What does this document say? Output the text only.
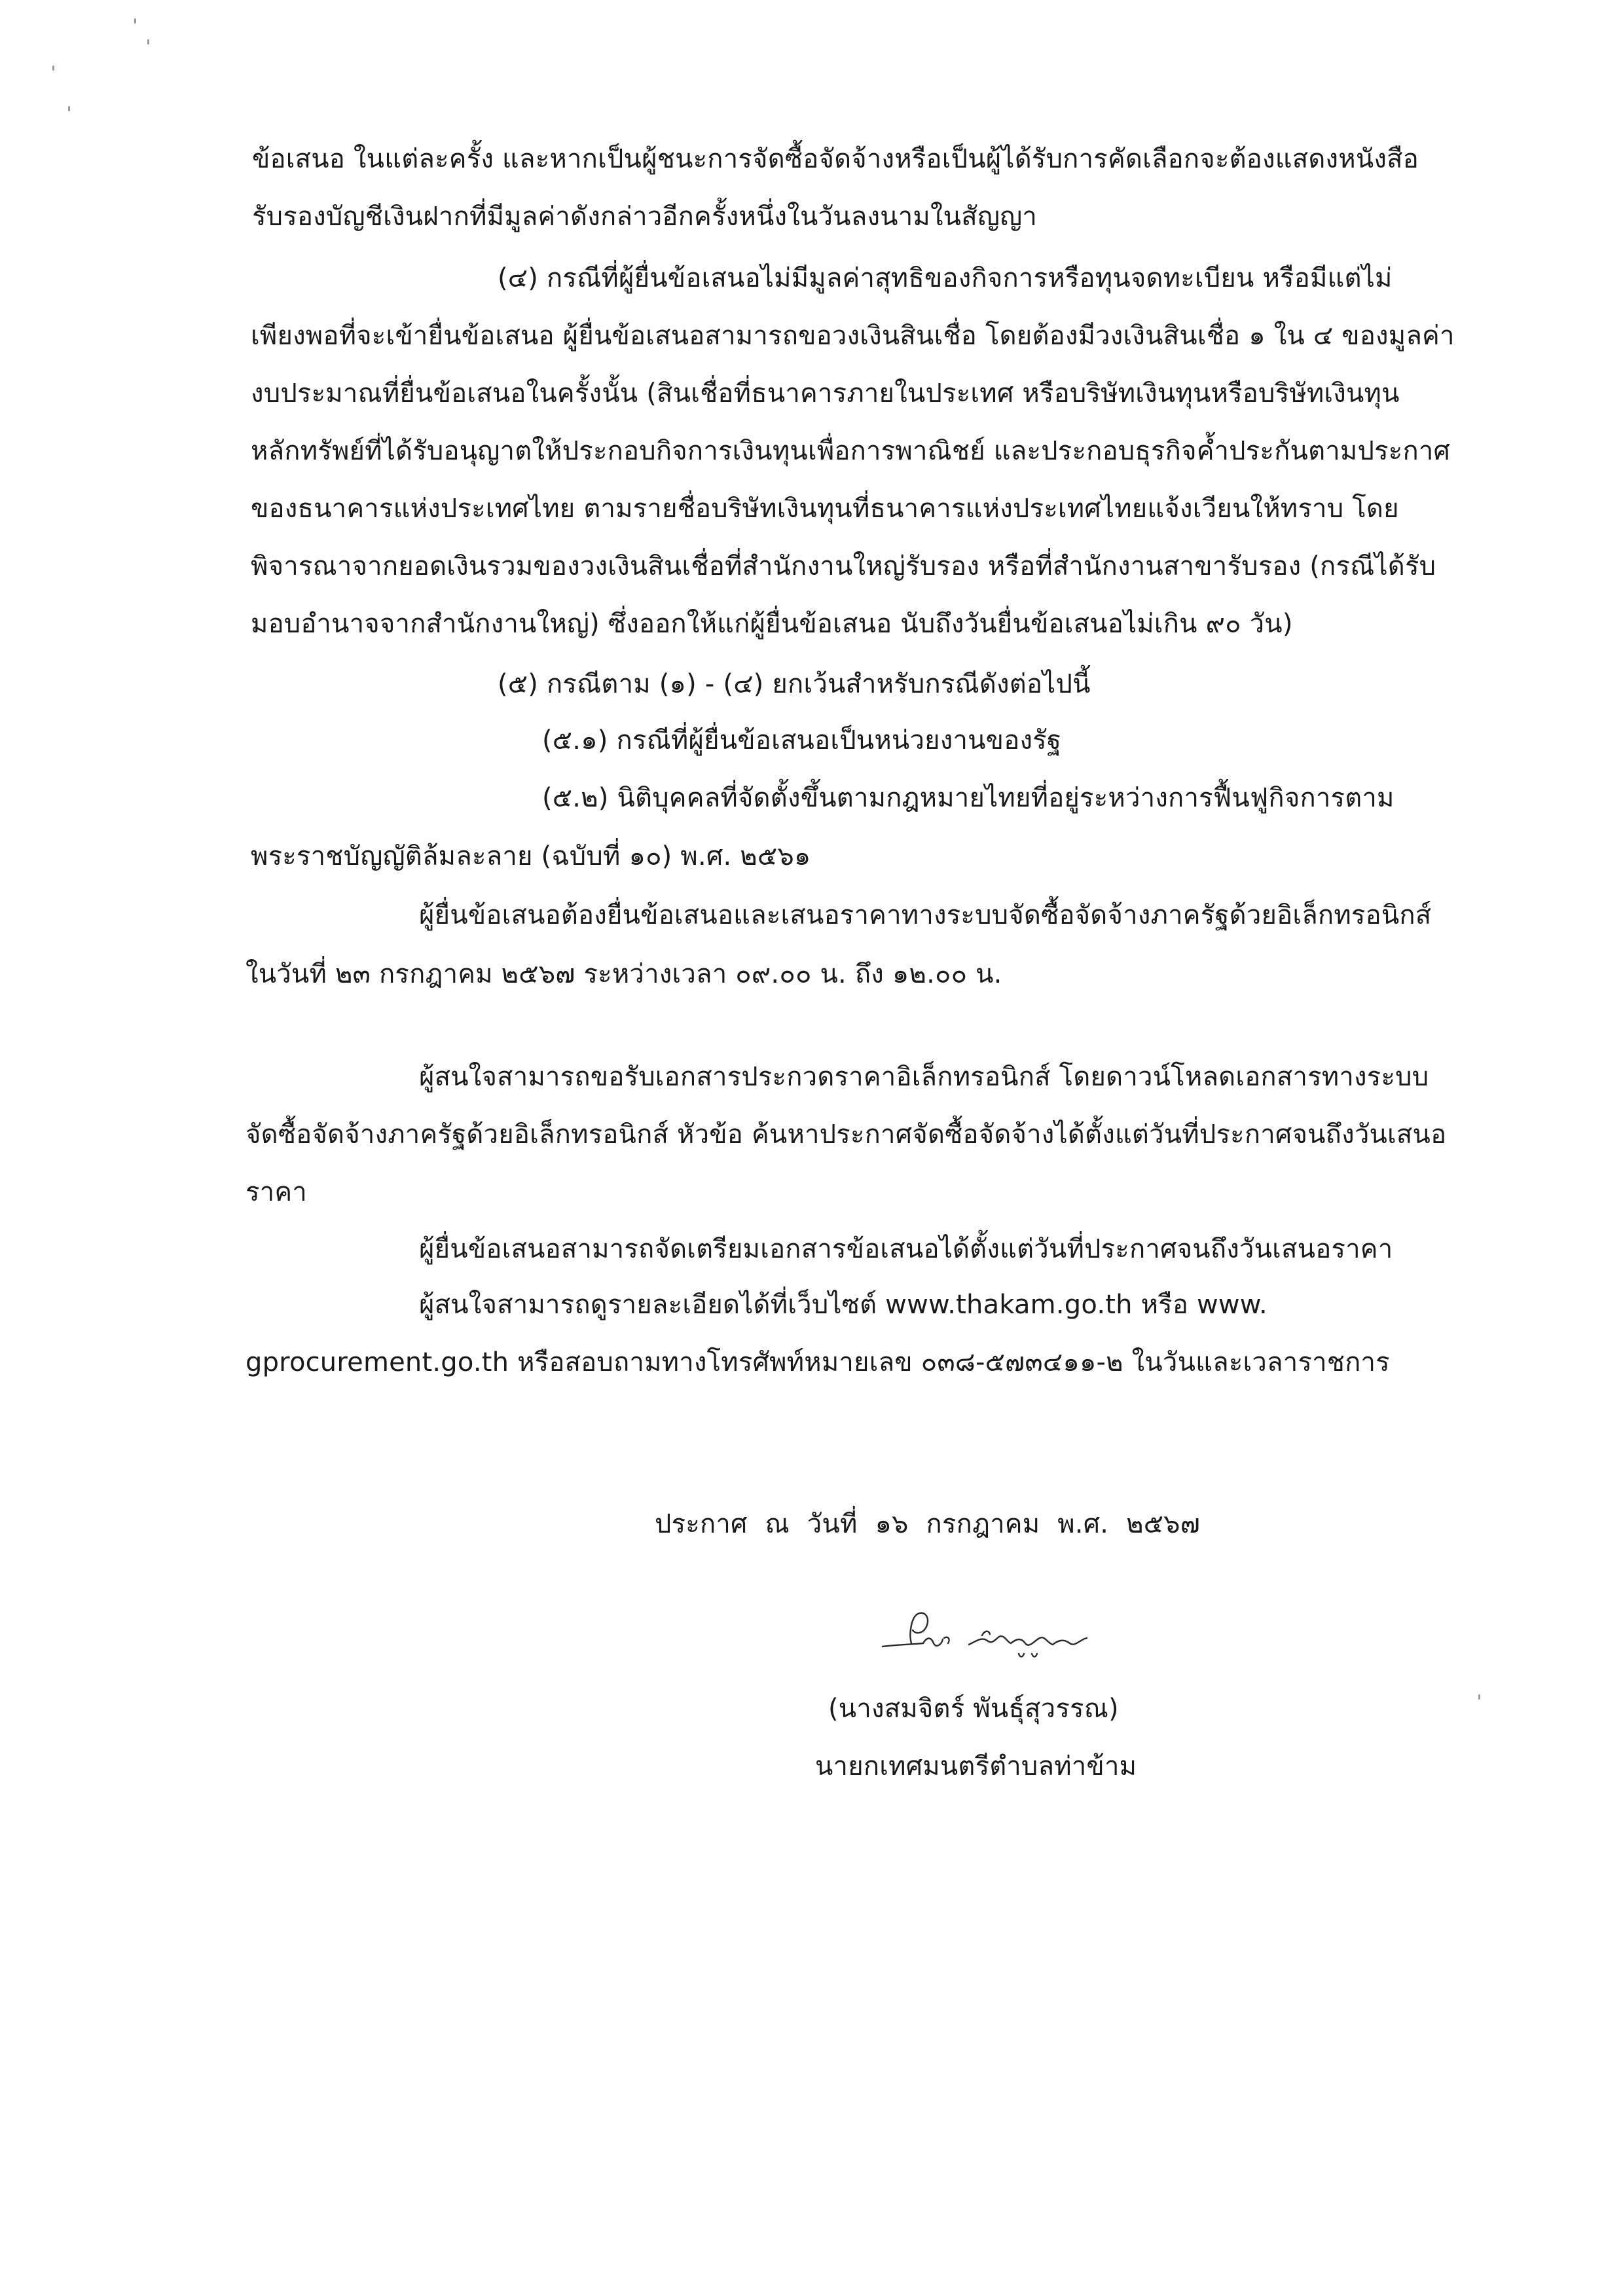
ข้อเสนอ ในแต่ละครั้ง และหากเป็นผู้ชนะการจัดซื้อจัดจ้างหรือเป็นผู้ได้รับการคัดเลือกจะต้องแสดงหนังสือ
รับรองบัญชีเงินฝากที่มีมูลค่าดังกล่าวอีกครั้งหนึ่งในวันลงนามในสัญญา
(๔) กรณีที่ผู้ยื่นข้อเสนอไม่มีมูลค่าสุทธิของกิจการหรือทุนจดทะเบียน หรือมีแต่ไม่
เพียงพอที่จะเข้ายื่นข้อเสนอ ผู้ยื่นข้อเสนอสามารถขอวงเงินสินเชื่อ โดยต้องมีวงเงินสินเชื่อ ๑ ใน ๔ ของมูลค่า
งบประมาณที่ยื่นข้อเสนอในครั้งนั้น (สินเชื่อที่ธนาคารภายในประเทศ หรือบริษัทเงินทุนหรือบริษัทเงินทุน
หลักทรัพย์ที่ได้รับอนุญาตให้ประกอบกิจการเงินทุนเพื่อการพาณิชย์ และประกอบธุรกิจค้ำประกันตามประกาศ
ของธนาคารแห่งประเทศไทย ตามรายชื่อบริษัทเงินทุนที่ธนาคารแห่งประเทศไทยแจ้งเวียนให้ทราบ โดย
พิจารณาจากยอดเงินรวมของวงเงินสินเชื่อที่สำนักงานใหญ่รับรอง หรือที่สำนักงานสาขารับรอง (กรณีได้รับ
มอบอำนาจจากสำนักงานใหญ่) ซึ่งออกให้แก่ผู้ยื่นข้อเสนอ นับถึงวันยื่นข้อเสนอไม่เกิน ๙๐ วัน)
(๕) กรณีตาม (๑) - (๔) ยกเว้นสำหรับกรณีดังต่อไปนี้
(๕.๑) กรณีที่ผู้ยื่นข้อเสนอเป็นหน่วยงานของรัฐ
(๕.๒) นิติบุคคลที่จัดตั้งขึ้นตามกฎหมายไทยที่อยู่ระหว่างการฟื้นฟูกิจการตาม
พระราชบัญญัติล้มละลาย (ฉบับที่ ๑๐) พ.ศ. ๒๕๖๑
ผู้ยื่นข้อเสนอต้องยื่นข้อเสนอและเสนอราคาทางระบบจัดซื้อจัดจ้างภาครัฐด้วยอิเล็กทรอนิกส์
ในวันที่ ๒๓ กรกฎาคม ๒๕๖๗ ระหว่างเวลา ๐๙.๐๐ น. ถึง ๑๒.๐๐ น.
ผู้สนใจสามารถขอรับเอกสารประกวดราคาอิเล็กทรอนิกส์ โดยดาวน์โหลดเอกสารทางระบบ
จัดซื้อจัดจ้างภาครัฐด้วยอิเล็กทรอนิกส์ หัวข้อ ค้นหาประกาศจัดซื้อจัดจ้างได้ตั้งแต่วันที่ประกาศจนถึงวันเสนอ
ราคา
ผู้ยื่นข้อเสนอสามารถจัดเตรียมเอกสารข้อเสนอได้ตั้งแต่วันที่ประกาศจนถึงวันเสนอราคา
ผู้สนใจสามารถดูรายละเอียดได้ที่เว็บไซต์ www.thakam.go.th หรือ www.
gprocurement.go.th หรือสอบถามทางโทรศัพท์หมายเลข ๐๓๘-๕๗๓๔๑๑-๒ ในวันและเวลาราชการ
ประกาศ ณ วันที่ ๑๖ กรกฎาคม พ.ศ. ๒๕๖๗
(นางสมจิตร์ พันธุ์สุวรรณ)
นายกเทศมนตรีตำบลท่าข้าม
